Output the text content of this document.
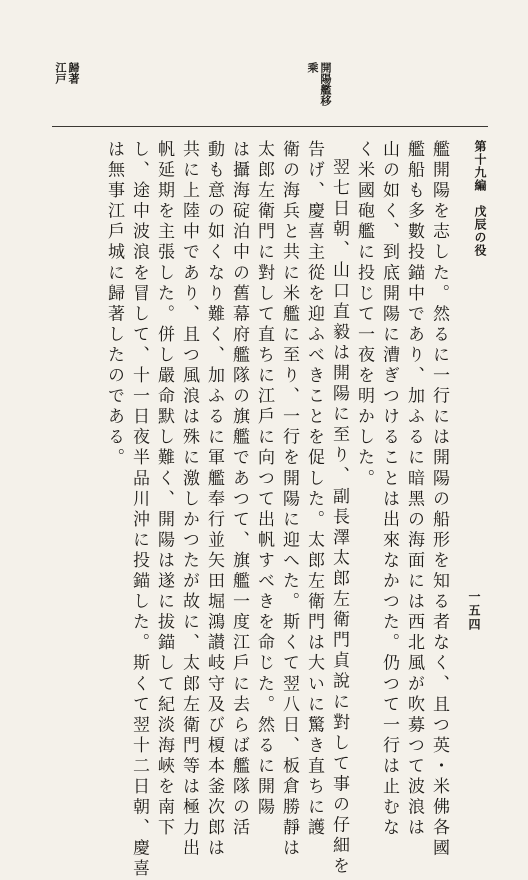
江戸 歸著	開陽艦移
乘
第十九編　戊辰の役
一五四
艦開陽を志した。然るに一行には開陽の船形を知る者なく、且つ英・米佛各國
艦船も多數投錨中であり、加ふるに暗黑の海面には西北風が吹募つて波浪は
山の如く、到底開陽に漕ぎつけることは出來なかつた。仍つて一行は止むな
く米國砲艦に投じて一夜を明かした。
翌七日朝、山口直毅は開陽に至り、副長澤太郎左衛門貞說に對して事の仔細を
告げ、慶喜主從を迎ふべきことを促した。太郎左衛門は大いに驚き直ちに護
衛の海兵と共に米艦に至り、一行を開陽に迎へた。斯くて翌八日、板倉勝靜は
太郎左衛門に對して直ちに江戶に向つて出帆すべきを命じた。然るに開陽
は攝海碇泊中の舊幕府艦隊の旗艦であつて、旗艦一度江戶に去らば艦隊の活
動も意の如くなり難く、加ふるに軍艦奉行並矢田堀鴻讃岐守及び榎本釜次郎は
共に上陸中であり、且つ風浪は殊に激しかつたが故に、太郎左衛門等は極力出
帆延期を主張した。併し嚴命默し難く、開陽は遂に拔錨して紀淡海峽を南下
し、途中波浪を冒して、十一日夜半品川沖に投錨した。斯くて翌十二日朝、慶喜
は無事江戶城に歸著したのである。
